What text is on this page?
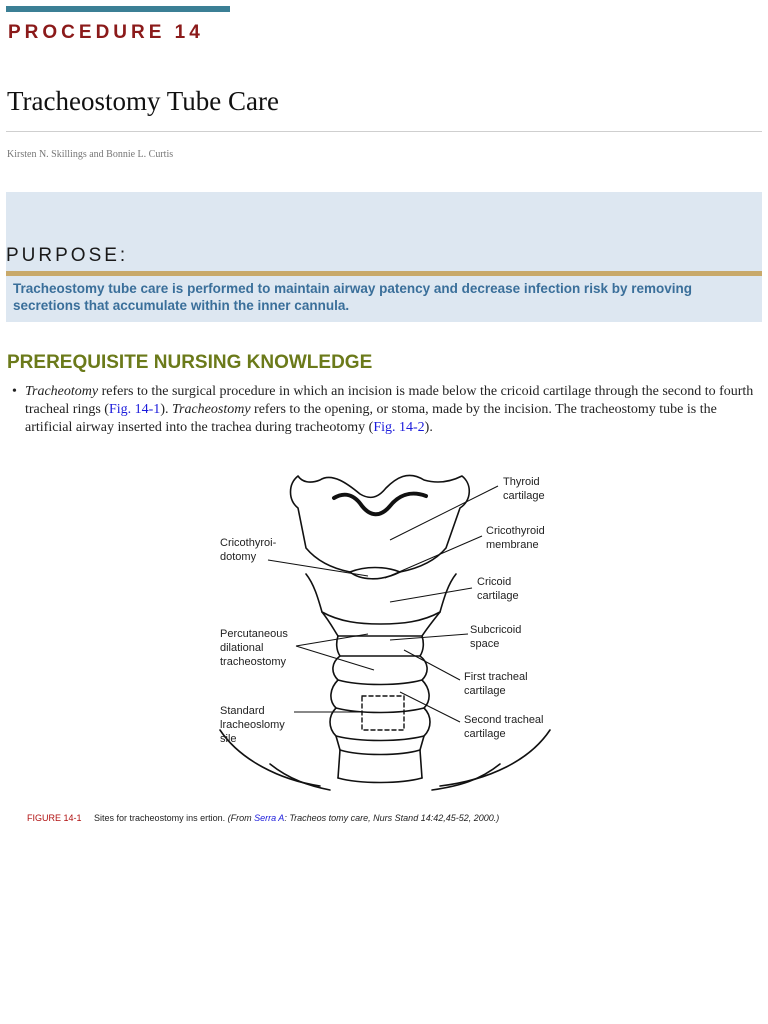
PROCEDURE 14
Tracheostomy Tube Care
Kirsten N. Skillings and Bonnie L. Curtis
PURPOSE:
Tracheostomy tube care is performed to maintain airway patency and decrease infection risk by removing secretions that accumulate within the inner cannula.
PREREQUISITE NURSING KNOWLEDGE
• Tracheotomy refers to the surgical procedure in which an incision is made below the cricoid cartilage through the second to fourth tracheal rings (Fig. 14-1). Tracheostomy refers to the opening, or stoma, made by the incision. The tracheostomy tube is the artificial airway inserted into the trachea during tracheotomy (Fig. 14-2).
Thyroid
cartilage
Cricothyroid
membrane
Cricoid
cartilage
Subcricoid
space
First tracheal
cartilage
Second tracheal
cartilage
Cricothyroi-
dotomy
Percutaneous
dilational
tracheostomy
Standard
lracheoslomy
sile
FIGURE 14-1 Sites for tracheostomy ins ertion. (From Serra A: Tracheos tomy care, Nurs Stand 14:42,45-52, 2000.)
